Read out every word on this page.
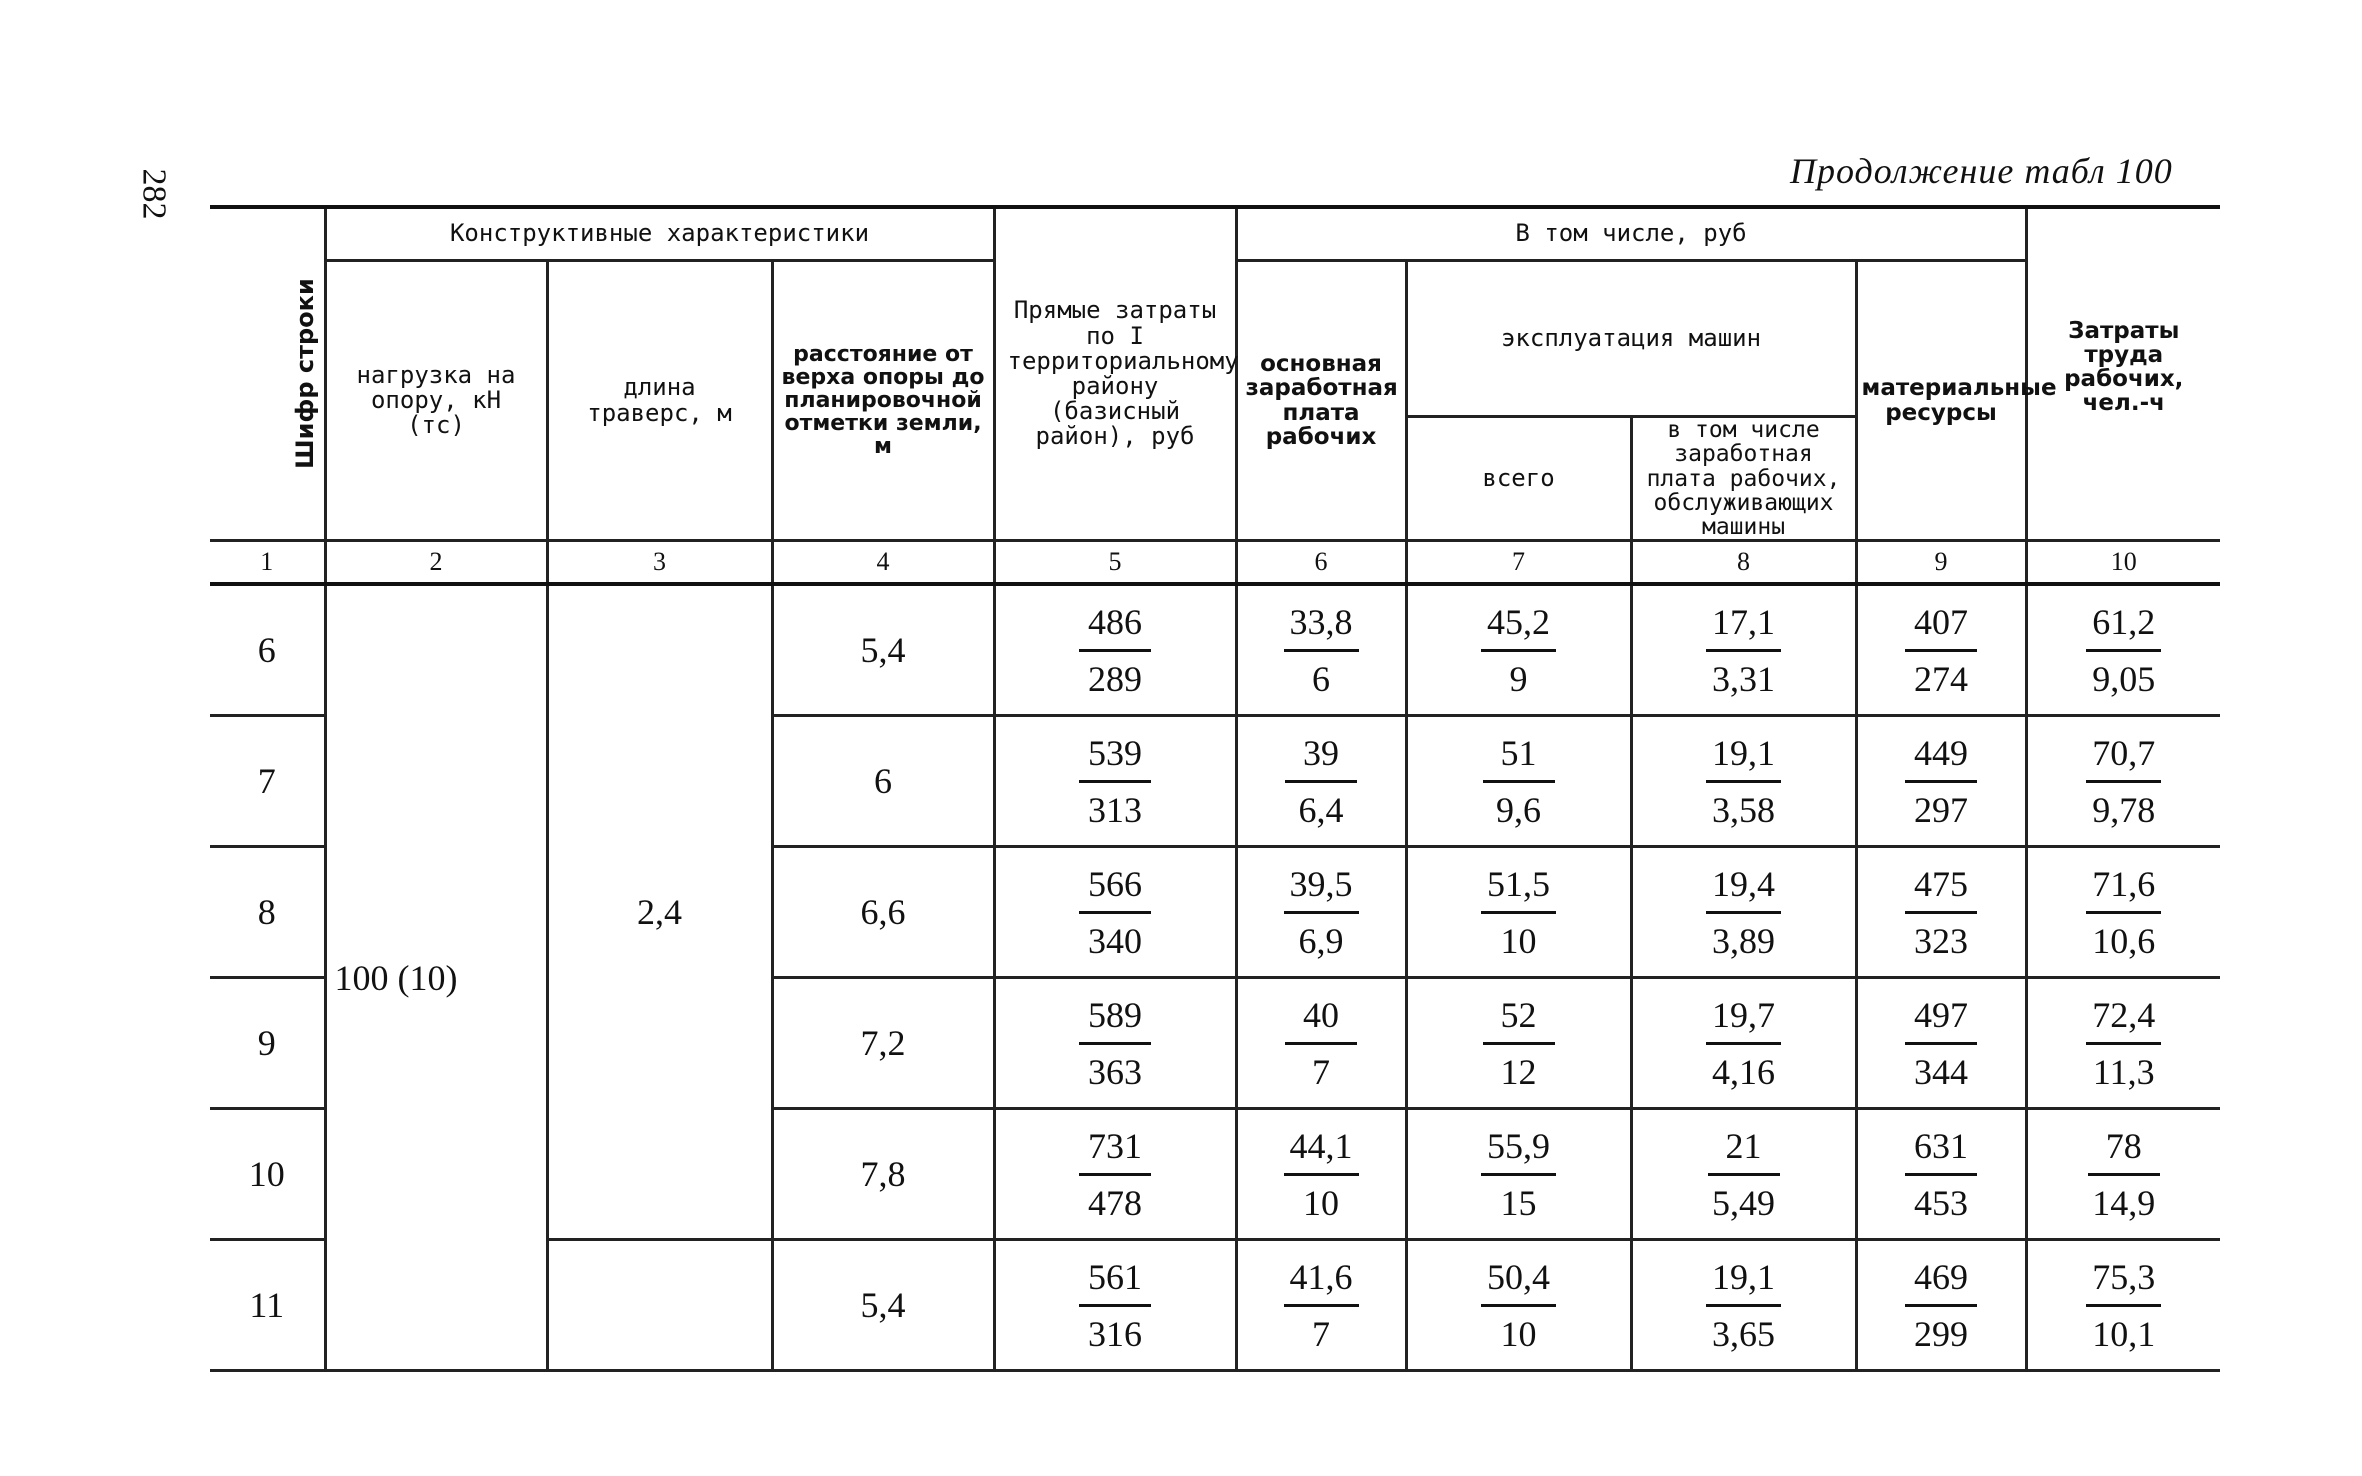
282	Продолжение табл 100
Шифр строки	Конструктивные характеристики			Прямые затраты по I территориальному району (базисный район), руб	В том числе, руб				Затраты труда рабочих, чел.-ч
	нагрузка на опору, кН (тс)	длина траверс, м	расстояние от верха опоры до планировочной отметки земли, м		основная заработная плата рабочих	эксплуатация машин		материальные ресурсы	
						всего	в том числе заработная плата рабочих, обслуживающих машины		
1	2	3	4	5	6	7	8	9	10
6	100 (10)	2,4	5,4	$\frac{486}{289}$	$\frac{33,8}{6}$	$\frac{45,2}{9}$	$\frac{17,1}{3,31}$	$\frac{407}{274}$	$\frac{61,2}{9,05}$

7			6	$\frac{539}{313}$	$\frac{39}{6,4}$	$\frac{51}{9,6}$	$\frac{19,1}{3,58}$	$\frac{449}{297}$	$\frac{70,7}{9,78}$

8			6,6	$\frac{566}{340}$	$\frac{39,5}{6,9}$	$\frac{51,5}{10}$	$\frac{19,4}{3,89}$	$\frac{475}{323}$	$\frac{71,6}{10,6}$

9			7,2	$\frac{589}{363}$	$\frac{40}{7}$	$\frac{52}{12}$	$\frac{19,7}{4,16}$	$\frac{497}{344}$	$\frac{72,4}{11,3}$

10			7,8	$\frac{731}{478}$	$\frac{44,1}{10}$	$\frac{55,9}{15}$	$\frac{21}{5,49}$	$\frac{631}{453}$	$\frac{78}{14,9}$

11			5,4	$\frac{561}{316}$	$\frac{41,6}{7}$	$\frac{50,4}{10}$	$\frac{19,1}{3,65}$	$\frac{469}{299}$	$\frac{75,3}{10,1}$
